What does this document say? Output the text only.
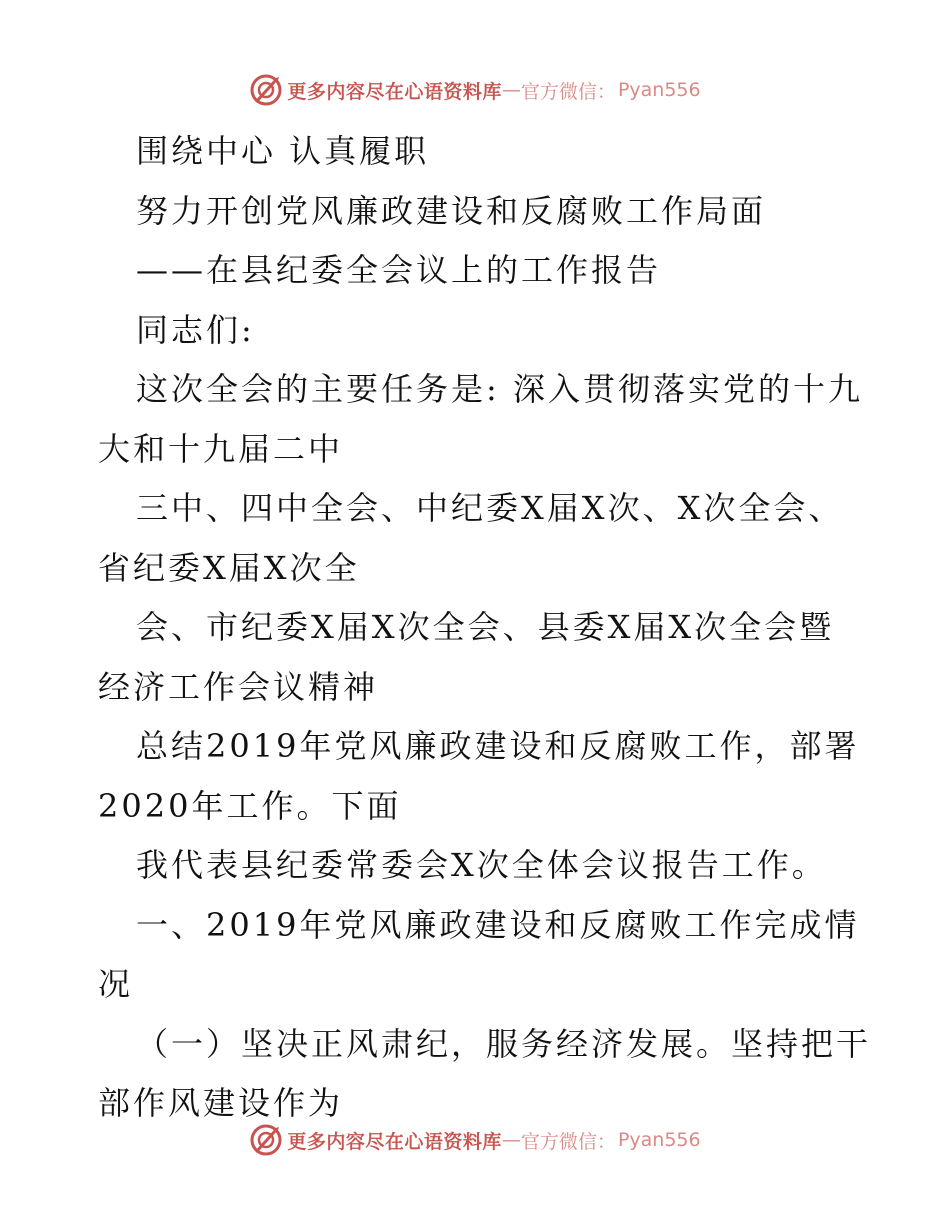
更多内容尽在心语资料库 — 官方微信： Pyan556
围绕中心 认真履职
努力开创党风廉政建设和反腐败工作局面
——在县纪委全会议上的工作报告
同志们:
这次全会的主要任务是: 深入贯彻落实党的十九
大和十九届二中
三中、四中全会、中纪委X届X次、X次全会、
省纪委X届X次全
会、市纪委X届X次全会、县委X届X次全会暨
经济工作会议精神
总结2019年党风廉政建设和反腐败工作，部署
2020年工作。下面
我代表县纪委常委会X次全体会议报告工作。
一、2019年党风廉政建设和反腐败工作完成情
况
（一）坚决正风肃纪，服务经济发展。坚持把干
部作风建设作为
更多内容尽在心语资料库 — 官方微信： Pyan556
